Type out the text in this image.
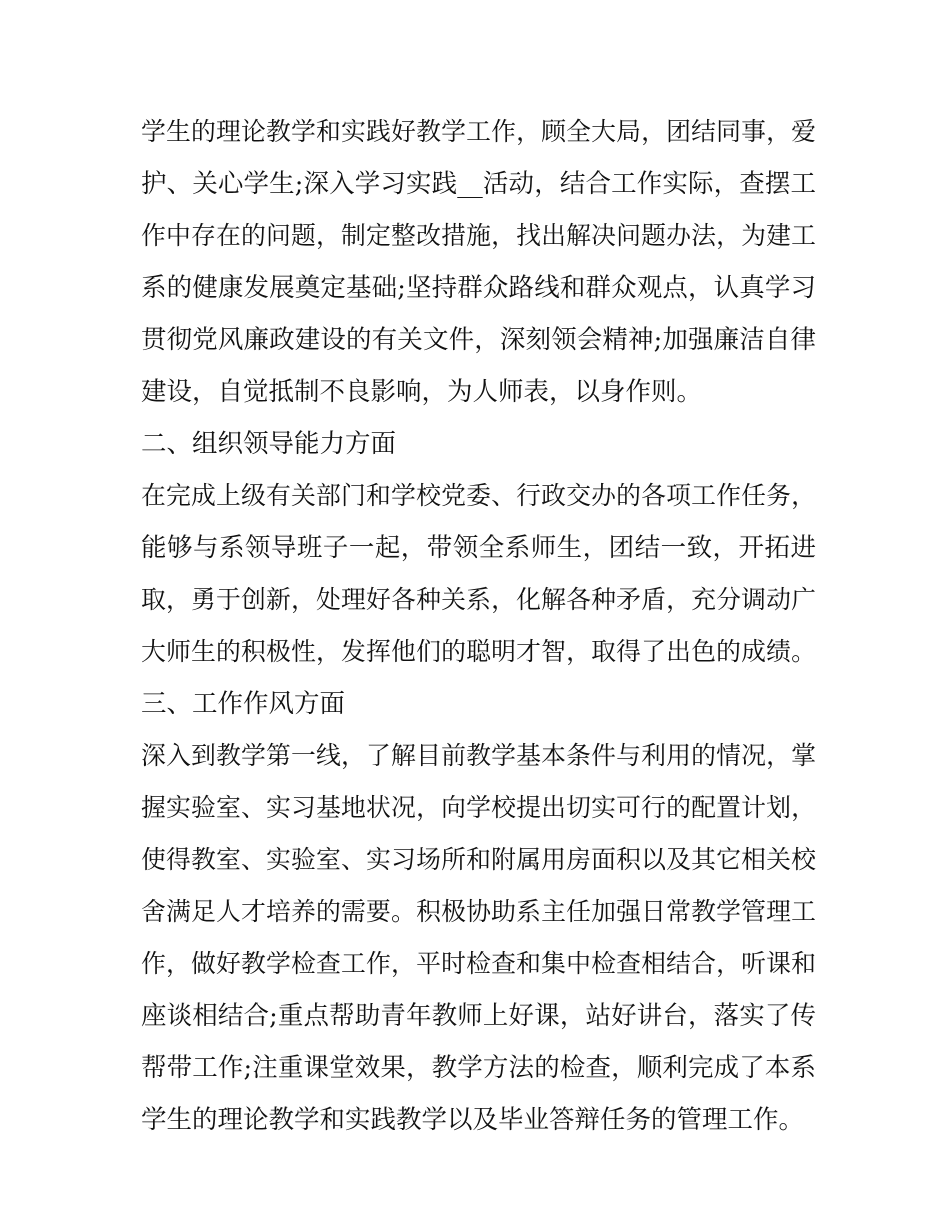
学生的理论教学和实践好教学工作，顾全大局，团结同事，爱
护、关心学生;深入学习实践__活动，结合工作实际，查摆工
作中存在的问题，制定整改措施，找出解决问题办法，为建工
系的健康发展奠定基础;坚持群众路线和群众观点，认真学习
贯彻党风廉政建设的有关文件，深刻领会精神;加强廉洁自律
建设，自觉抵制不良影响，为人师表，以身作则。
二、组织领导能力方面
在完成上级有关部门和学校党委、行政交办的各项工作任务，
能够与系领导班子一起，带领全系师生，团结一致，开拓进
取，勇于创新，处理好各种关系，化解各种矛盾，充分调动广
大师生的积极性，发挥他们的聪明才智，取得了出色的成绩。
三、工作作风方面
深入到教学第一线，了解目前教学基本条件与利用的情况，掌
握实验室、实习基地状况，向学校提出切实可行的配置计划，
使得教室、实验室、实习场所和附属用房面积以及其它相关校
舍满足人才培养的需要。积极协助系主任加强日常教学管理工
作，做好教学检查工作，平时检查和集中检查相结合，听课和
座谈相结合;重点帮助青年教师上好课，站好讲台，落实了传
帮带工作;注重课堂效果，教学方法的检查，顺利完成了本系
学生的理论教学和实践教学以及毕业答辩任务的管理工作。
